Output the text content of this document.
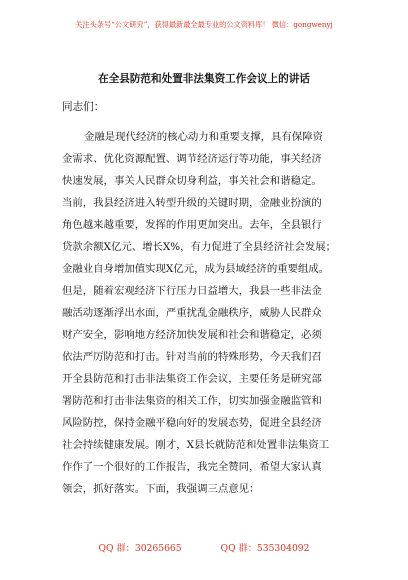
关注头条号“公文研究”，获得最新最全最专业的公文资料库！ 微信：gongwenyj
在全县防范和处置非法集资工作会议上的讲话
同志们：
金融是现代经济的核心动力和重要支撑，具有保障资
金需求、优化资源配置、调节经济运行等功能，事关经济
快速发展，事关人民群众切身利益，事关社会和谐稳定。
当前，我县经济进入转型升级的关键时期，金融业扮演的
角色越来越重要，发挥的作用更加突出。去年，全县银行
贷款余额X亿元、增长X%，有力促进了全县经济社会发展；
金融业自身增加值实现X亿元，成为县域经济的重要组成。
但是，随着宏观经济下行压力日益增大，我县一些非法金
融活动逐渐浮出水面，严重扰乱金融秩序，威胁人民群众
财产安全，影响地方经济加快发展和社会和谐稳定，必须
依法严厉防范和打击。针对当前的特殊形势，今天我们召
开全县防范和打击非法集资工作会议，主要任务是研究部
署防范和打击非法集资的相关工作，切实加强金融监管和
风险防控，保持金融平稳向好的发展态势，促进全县经济
社会持续健康发展。刚才，X县长就防范和处置非法集资工
作作了一个很好的工作报告，我完全赞同，希望大家认真
领会，抓好落实。下面，我强调三点意见：
QQ 群：30265665	QQ 群：535304092
